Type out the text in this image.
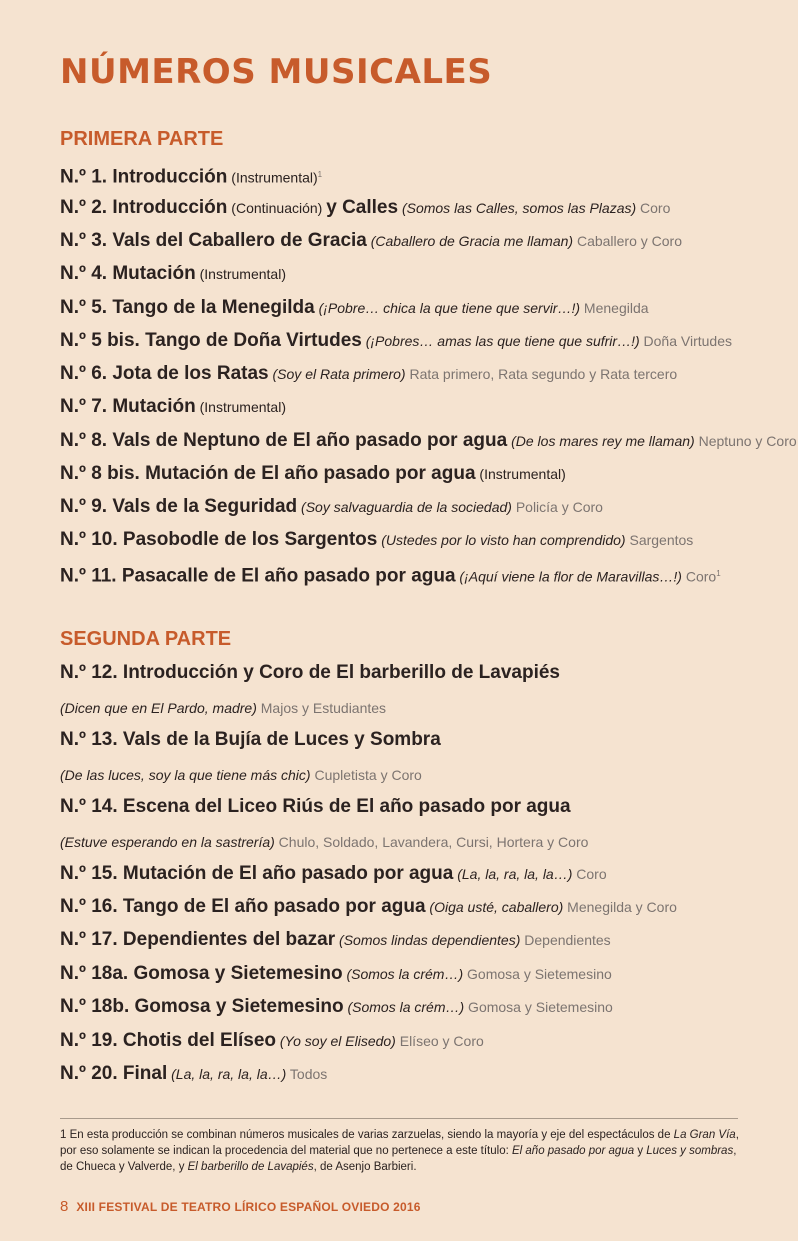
NÚMEROS MUSICALES
PRIMERA PARTE
N.º 1. Introducción (Instrumental)$^1$
N.º 2. Introducción (Continuación) y Calles (Somos las Calles, somos las Plazas) Coro
N.º 3. Vals del Caballero de Gracia (Caballero de Gracia me llaman) Caballero y Coro
N.º 4. Mutación (Instrumental)
N.º 5. Tango de la Menegilda (¡Pobre… chica la que tiene que servir…!) Menegilda
N.º 5 bis. Tango de Doña Virtudes (¡Pobres… amas las que tiene que sufrir…!) Doña Virtudes
N.º 6. Jota de los Ratas (Soy el Rata primero) Rata primero, Rata segundo y Rata tercero
N.º 7. Mutación (Instrumental)
N.º 8. Vals de Neptuno de El año pasado por agua (De los mares rey me llaman) Neptuno y Coro
N.º 8 bis. Mutación de El año pasado por agua (Instrumental)
N.º 9. Vals de la Seguridad (Soy salvaguardia de la sociedad) Policía y Coro
N.º 10. Pasobodle de los Sargentos (Ustedes por lo visto han comprendido) Sargentos
N.º 11. Pasacalle de El año pasado por agua (¡Aquí viene la flor de Maravillas…!) Coro$^1$
SEGUNDA PARTE
N.º 12. Introducción y Coro de El barberillo de Lavapiés
(Dicen que en El Pardo, madre) Majos y Estudiantes
N.º 13. Vals de la Bujía de Luces y Sombra
(De las luces, soy la que tiene más chic) Cupletista y Coro
N.º 14. Escena del Liceo Riús de El año pasado por agua
(Estuve esperando en la sastrería) Chulo, Soldado, Lavandera, Cursi, Hortera y Coro
N.º 15. Mutación de El año pasado por agua (La, la, ra, la, la…) Coro
N.º 16. Tango de El año pasado por agua (Oiga usté, caballero) Menegilda y Coro
N.º 17. Dependientes del bazar (Somos lindas dependientes) Dependientes
N.º 18a. Gomosa y Sietemesino (Somos la crém…) Gomosa y Sietemesino
N.º 18b. Gomosa y Sietemesino (Somos la crém…) Gomosa y Sietemesino
N.º 19. Chotis del Elíseo (Yo soy el Elisedo) Elíseo y Coro
N.º 20. Final (La, la, ra, la, la…) Todos
1 En esta producción se combinan números musicales de varias zarzuelas, siendo la mayoría y eje del espectáculos de La Gran Vía, por eso solamente se indican la procedencia del material que no pertenece a este título: El año pasado por agua y Luces y sombras, de Chueca y Valverde, y El barberillo de Lavapiés, de Asenjo Barbieri.
8 XIII FESTIVAL DE TEATRO LÍRICO ESPAÑOL OVIEDO 2016
